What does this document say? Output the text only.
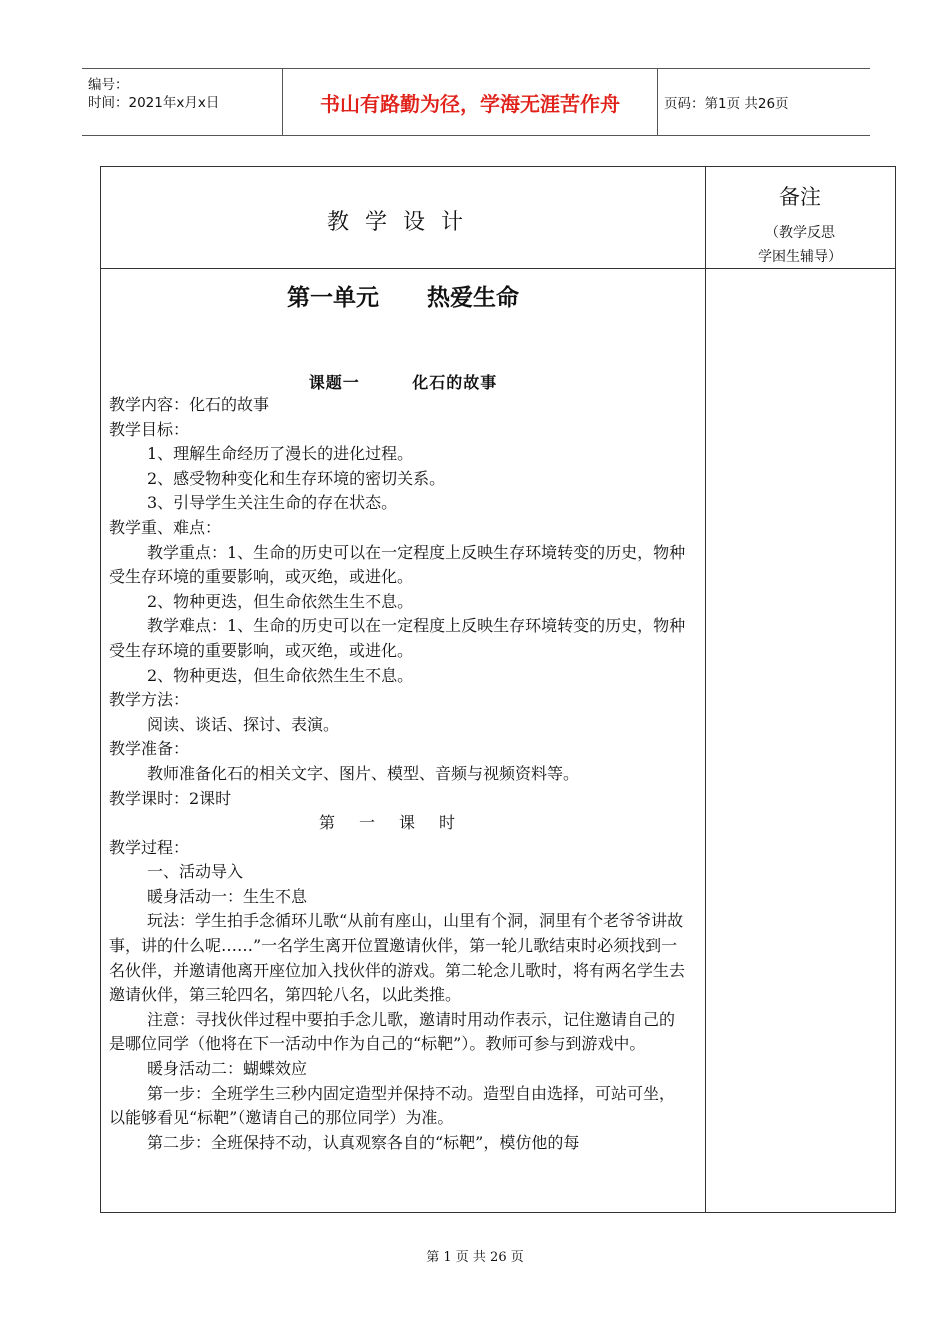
编号：
时间：2021年x月x日	书山有路勤为径，学海无涯苦作舟	页码：第1页 共26页
教学设计
备注
（教学反思
学困生辅导）
第一单元      热爱生命
课题一        化石的故事

教学内容：化石的故事

教学目标：

1、理解生命经历了漫长的进化过程。

2、感受物种变化和生存环境的密切关系。

3、引导学生关注生命的存在状态。

教学重、难点：

教学重点：1、生命的历史可以在一定程度上反映生存环境转变的历史，物种受生存环境的重要影响，或灭绝，或进化。

2、物种更迭，但生命依然生生不息。

教学难点：1、生命的历史可以在一定程度上反映生存环境转变的历史，物种受生存环境的重要影响，或灭绝，或进化。

2、物种更迭，但生命依然生生不息。

教学方法：

阅读、谈话、探讨、表演。

教学准备：

教师准备化石的相关文字、图片、模型、音频与视频资料等。

教学课时：2课时

第一课时

教学过程：

一、活动导入

暖身活动一：生生不息

玩法：学生拍手念循环儿歌“从前有座山，山里有个洞，洞里有个老爷爷讲故事，讲的什么呢……”一名学生离开位置邀请伙伴，第一轮儿歌结束时必须找到一名伙伴，并邀请他离开座位加入找伙伴的游戏。第二轮念儿歌时，将有两名学生去邀请伙伴，第三轮四名，第四轮八名，以此类推。

注意：寻找伙伴过程中要拍手念儿歌，邀请时用动作表示，记住邀请自己的是哪位同学（他将在下一活动中作为自己的“标靶”）。教师可参与到游戏中。

暖身活动二：蝴蝶效应

第一步：全班学生三秒内固定造型并保持不动。造型自由选择，可站可坐，以能够看见“标靶”（邀请自己的那位同学）为准。

第二步：全班保持不动，认真观察各自的“标靶”，模仿他的每

第 1 页 共 26 页
